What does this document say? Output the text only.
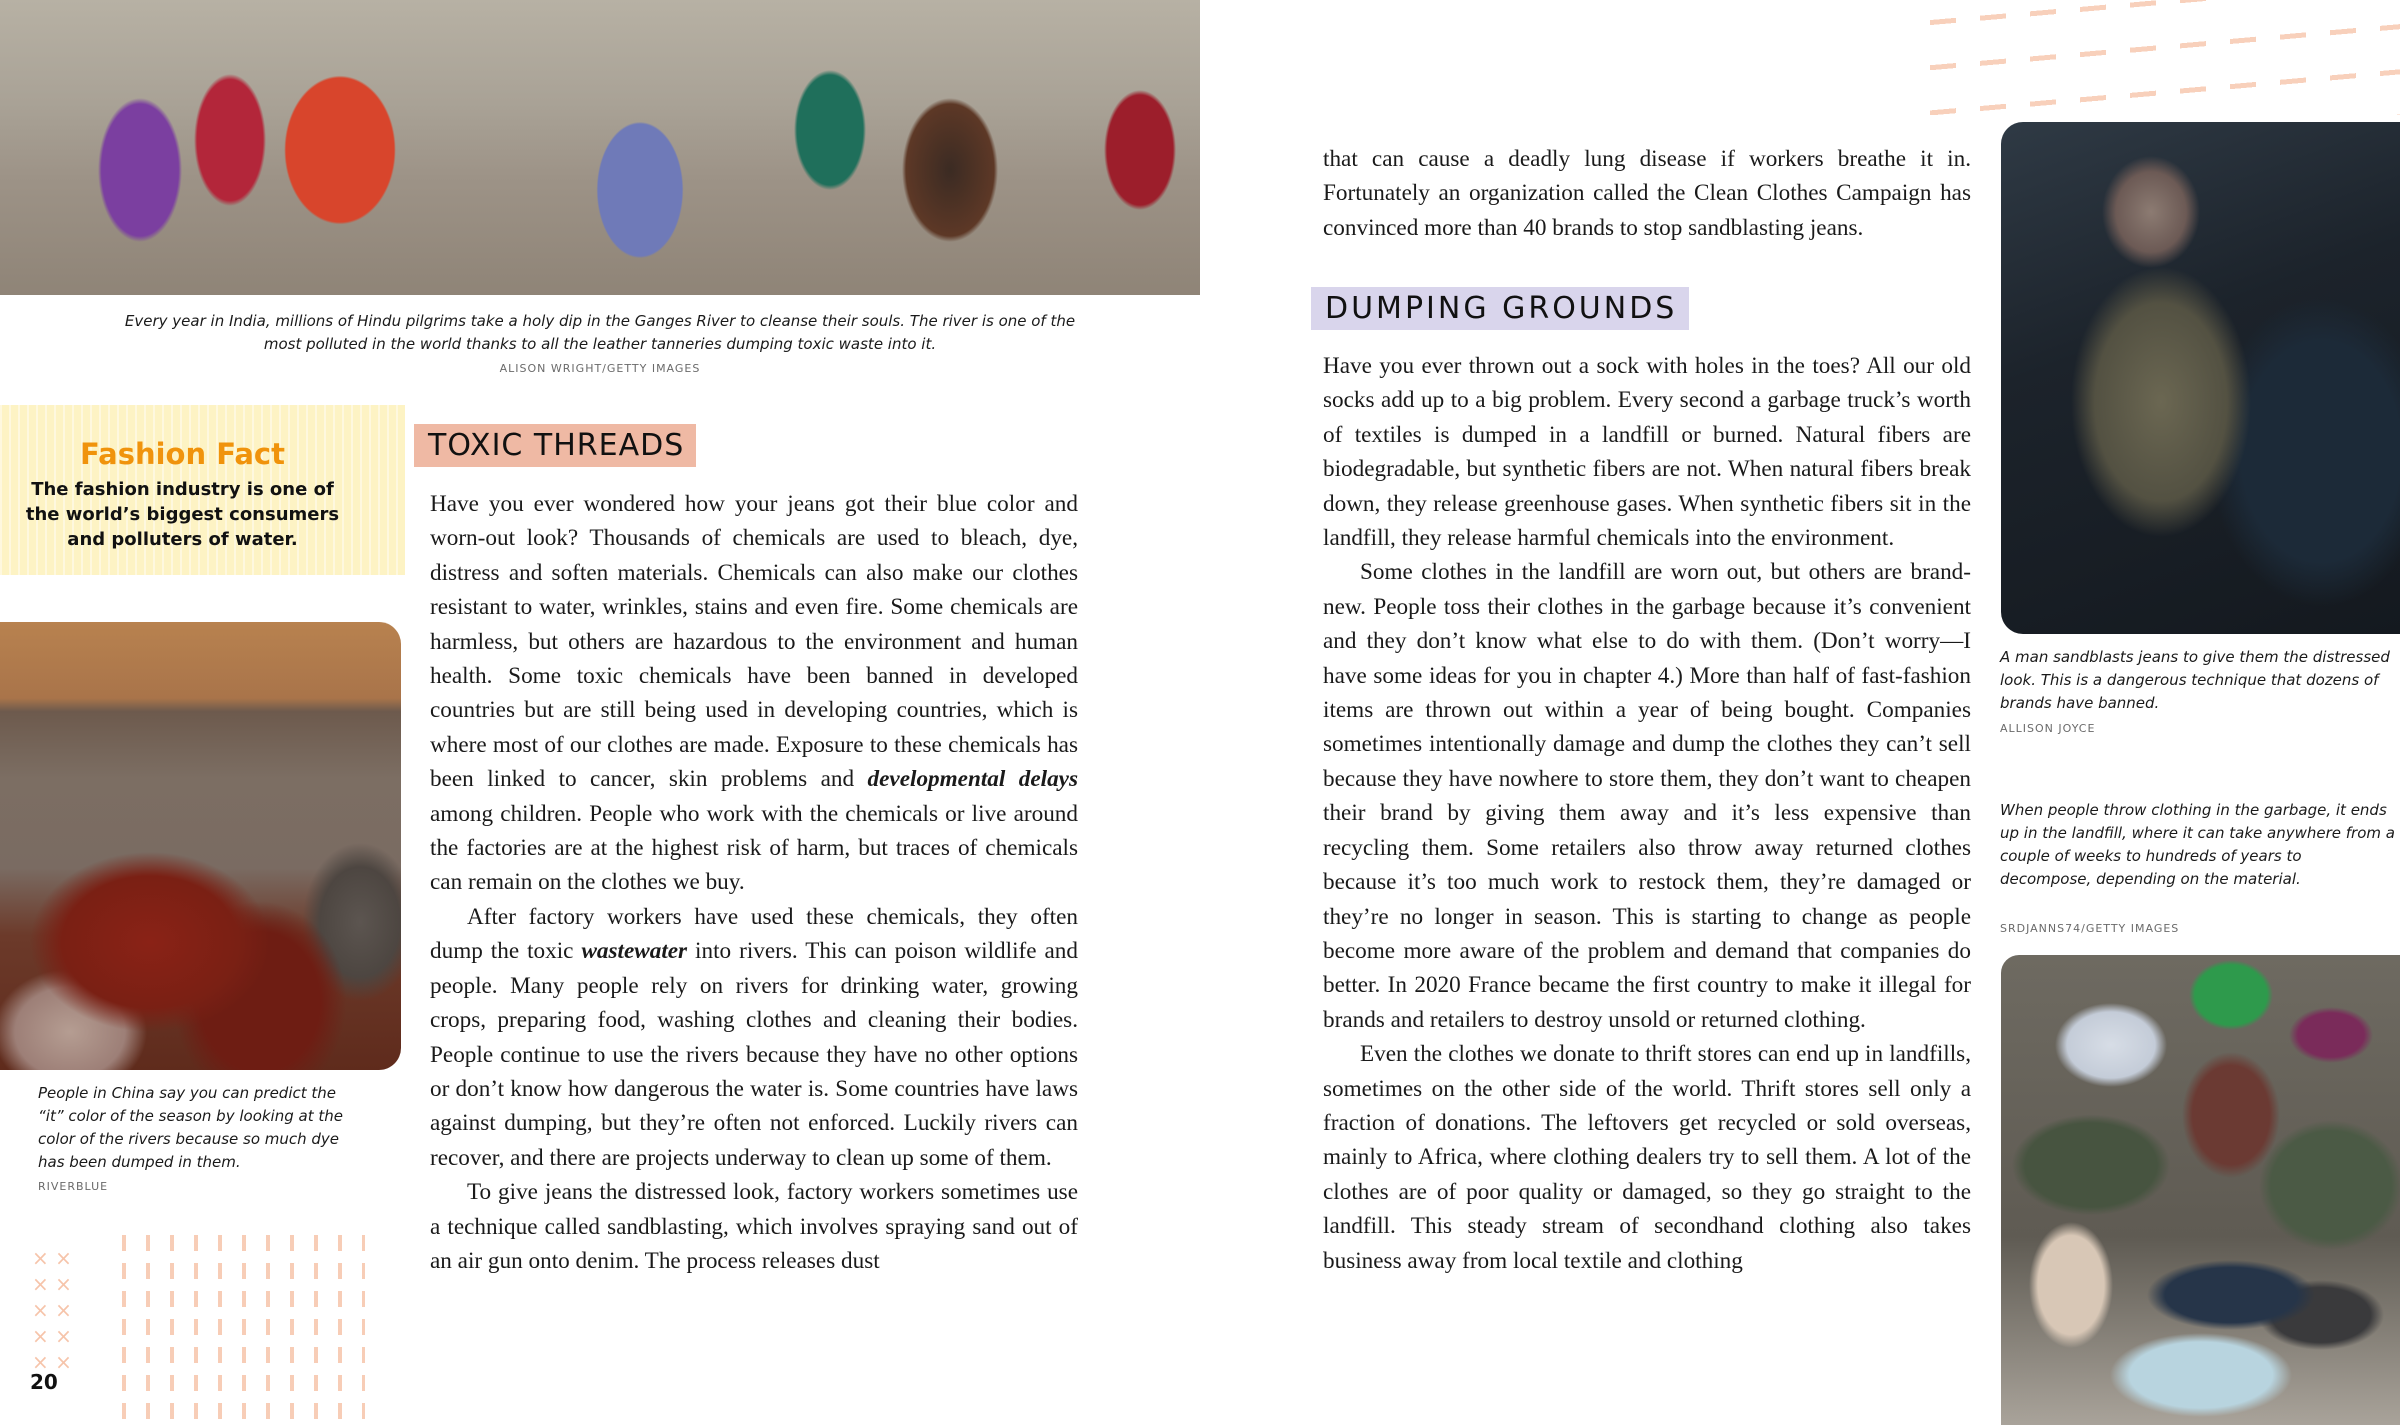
× × × × × × × × × ×
Every year in India, millions of Hindu pilgrims take a holy dip in the Ganges River to cleanse their souls. The river is one of the
most polluted in the world thanks to all the leather tanneries dumping toxic waste into it.
ALISON WRIGHT/GETTY IMAGES
Fashion Fact
The fashion industry is one of the world’s biggest consumers and polluters of water.
People in China say you can predict the “it” color of the season by looking at the color of the rivers because so much dye has been dumped in them.
RIVERBLUE
TOXIC THREADS

Have you ever wondered how your jeans got their blue color and worn-out look? Thousands of chemicals are used to bleach, dye, distress and soften materials. Chemicals can also make our clothes resistant to water, wrinkles, stains and even fire. Some chemicals are harmless, but others are hazardous to the environment and human health. Some toxic chemicals have been banned in developed countries but are still being used in developing countries, which is where most of our clothes are made. Exposure to these chemicals has been linked to cancer, skin problems and developmental delays among children. People who work with the chemicals or live around the factories are at the highest risk of harm, but traces of chemicals can remain on the clothes we buy.

After factory workers have used these chemicals, they often dump the toxic wastewater into rivers. This can poison wildlife and people. Many people rely on rivers for drinking water, growing crops, preparing food, washing clothes and cleaning their bodies. People continue to use the rivers because they have no other options or don’t know how dangerous the water is. Some countries have laws against dumping, but they’re often not enforced. Luckily rivers can recover, and there are projects underway to clean up some of them.

To give jeans the distressed look, factory workers sometimes use a technique called sandblasting, which involves spraying sand out of an air gun onto denim. The process releases dust

that can cause a deadly lung disease if workers breathe it in. Fortunately an organization called the Clean Clothes Campaign has convinced more than 40 brands to stop sandblasting jeans.

DUMPING GROUNDS

Have you ever thrown out a sock with holes in the toes? All our old socks add up to a big problem. Every second a garbage truck’s worth of textiles is dumped in a landfill or burned. Natural fibers are biodegradable, but synthetic fibers are not. When natural fibers break down, they release greenhouse gases. When synthetic fibers sit in the landfill, they release harmful chemicals into the environment.

Some clothes in the landfill are worn out, but others are brand-new. People toss their clothes in the garbage because it’s convenient and they don’t know what else to do with them. (Don’t worry—I have some ideas for you in chapter 4.) More than half of fast-fashion items are thrown out within a year of being bought. Companies sometimes intentionally damage and dump the clothes they can’t sell because they have nowhere to store them, they don’t want to cheapen their brand by giving them away and it’s less expensive than recycling them. Some retailers also throw away returned clothes because it’s too much work to restock them, they’re damaged or they’re no longer in season. This is starting to change as people become more aware of the problem and demand that companies do better. In 2020 France became the first country to make it illegal for brands and retailers to destroy unsold or returned clothing.

Even the clothes we donate to thrift stores can end up in landfills, sometimes on the other side of the world. Thrift stores sell only a fraction of donations. The leftovers get recycled or sold overseas, mainly to Africa, where clothing dealers try to sell them. A lot of the clothes are of poor quality or damaged, so they go straight to the landfill. This steady stream of secondhand clothing also takes business away from local textile and clothing

A man sandblasts jeans to give them the distressed look. This is a dangerous technique that dozens of brands have banned.
ALLISON JOYCE
When people throw clothing in the garbage, it ends up in the landfill, where it can take anywhere from a couple of weeks to hundreds of years to decompose, depending on the material.
SRDJANNS74/GETTY IMAGES
20
